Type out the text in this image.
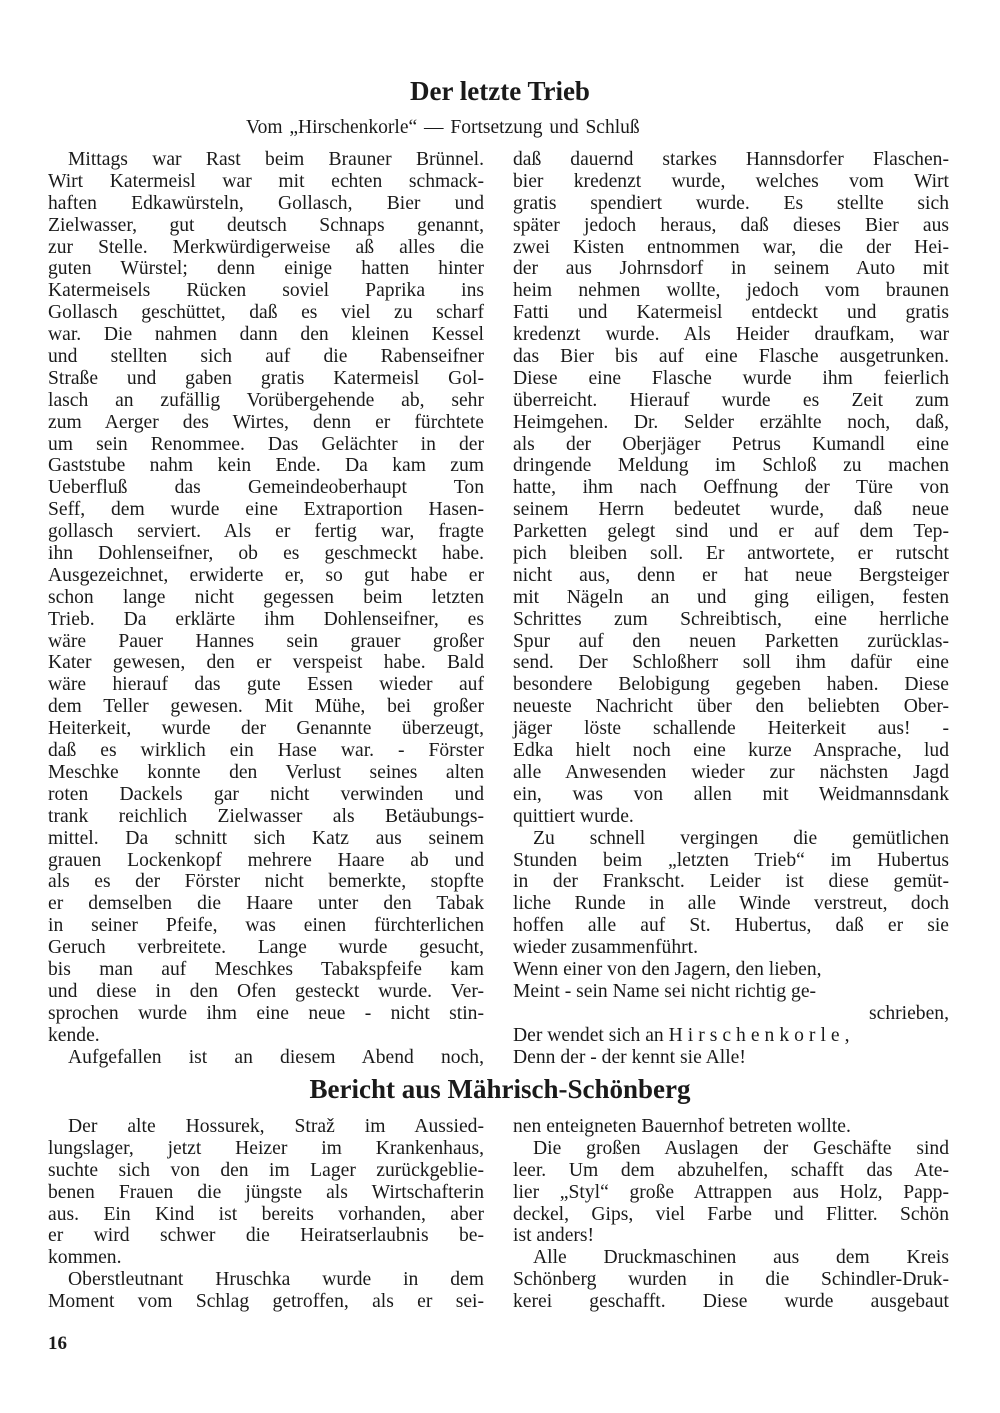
Der letzte Trieb
Vom „Hirschenkorle“ — Fortsetzung und Schluß
Mittags war Rast beim Brauner Brünnel.
Wirt Katermeisl war mit echten schmack-
haften Edkawürsteln, Gollasch, Bier und
Zielwasser, gut deutsch Schnaps genannt,
zur Stelle. Merkwürdigerweise aß alles die
guten Würstel; denn einige hatten hinter
Katermeisels Rücken soviel Paprika ins
Gollasch geschüttet, daß es viel zu scharf
war. Die nahmen dann den kleinen Kessel
und stellten sich auf die Rabenseifner
Straße und gaben gratis Katermeisl Gol-
lasch an zufällig Vorübergehende ab, sehr
zum Aerger des Wirtes, denn er fürchtete
um sein Renommee. Das Gelächter in der
Gaststube nahm kein Ende. Da kam zum
Ueberfluß das Gemeindeoberhaupt Ton
Seff, dem wurde eine Extraportion Hasen-
gollasch serviert. Als er fertig war, fragte
ihn Dohlenseifner, ob es geschmeckt habe.
Ausgezeichnet, erwiderte er, so gut habe er
schon lange nicht gegessen beim letzten
Trieb. Da erklärte ihm Dohlenseifner, es
wäre Pauer Hannes sein grauer großer
Kater gewesen, den er verspeist habe. Bald
wäre hierauf das gute Essen wieder auf
dem Teller gewesen. Mit Mühe, bei großer
Heiterkeit, wurde der Genannte überzeugt,
daß es wirklich ein Hase war. - Förster
Meschke konnte den Verlust seines alten
roten Dackels gar nicht verwinden und
trank reichlich Zielwasser als Betäubungs-
mittel. Da schnitt sich Katz aus seinem
grauen Lockenkopf mehrere Haare ab und
als es der Förster nicht bemerkte, stopfte
er demselben die Haare unter den Tabak
in seiner Pfeife, was einen fürchterlichen
Geruch verbreitete. Lange wurde gesucht,
bis man auf Meschkes Tabakspfeife kam
und diese in den Ofen gesteckt wurde. Ver-
sprochen wurde ihm eine neue - nicht stin-
kende.
Aufgefallen ist an diesem Abend noch,
daß dauernd starkes Hannsdorfer Flaschen-
bier kredenzt wurde, welches vom Wirt
gratis spendiert wurde. Es stellte sich
später jedoch heraus, daß dieses Bier aus
zwei Kisten entnommen war, die der Hei-
der aus Johrnsdorf in seinem Auto mit
heim nehmen wollte, jedoch vom braunen
Fatti und Katermeisl entdeckt und gratis
kredenzt wurde. Als Heider draufkam, war
das Bier bis auf eine Flasche ausgetrunken.
Diese eine Flasche wurde ihm feierlich
überreicht. Hierauf wurde es Zeit zum
Heimgehen. Dr. Selder erzählte noch, daß,
als der Oberjäger Petrus Kumandl eine
dringende Meldung im Schloß zu machen
hatte, ihm nach Oeffnung der Türe von
seinem Herrn bedeutet wurde, daß neue
Parketten gelegt sind und er auf dem Tep-
pich bleiben soll. Er antwortete, er rutscht
nicht aus, denn er hat neue Bergsteiger
mit Nägeln an und ging eiligen, festen
Schrittes zum Schreibtisch, eine herrliche
Spur auf den neuen Parketten zurücklas-
send. Der Schloßherr soll ihm dafür eine
besondere Belobigung gegeben haben. Diese
neueste Nachricht über den beliebten Ober-
jäger löste schallende Heiterkeit aus! -
Edka hielt noch eine kurze Ansprache, lud
alle Anwesenden wieder zur nächsten Jagd
ein, was von allen mit Weidmannsdank
quittiert wurde.
Zu schnell vergingen die gemütlichen
Stunden beim „letzten Trieb“ im Hubertus
in der Frankscht. Leider ist diese gemüt-
liche Runde in alle Winde verstreut, doch
hoffen alle auf St. Hubertus, daß er sie
wieder zusammenführt.
Wenn einer von den Jagern, den lieben,
Meint - sein Name sei nicht richtig ge-
schrieben,
Der wendet sich an Hirschenkorle,
Denn der - der kennt sie Alle!
Bericht aus Mährisch-Schönberg
Der alte Hossurek, Straž im Aussied-
lungslager, jetzt Heizer im Krankenhaus,
suchte sich von den im Lager zurückgeblie-
benen Frauen die jüngste als Wirtschafterin
aus. Ein Kind ist bereits vorhanden, aber
er wird schwer die Heiratserlaubnis be-
kommen.
Oberstleutnant Hruschka wurde in dem
Moment vom Schlag getroffen, als er sei-
nen enteigneten Bauernhof betreten wollte.
Die großen Auslagen der Geschäfte sind
leer. Um dem abzuhelfen, schafft das Ate-
lier „Styl“ große Attrappen aus Holz, Papp-
deckel, Gips, viel Farbe und Flitter. Schön
ist anders!
Alle Druckmaschinen aus dem Kreis
Schönberg wurden in die Schindler-Druk-
kerei geschafft. Diese wurde ausgebaut
16
